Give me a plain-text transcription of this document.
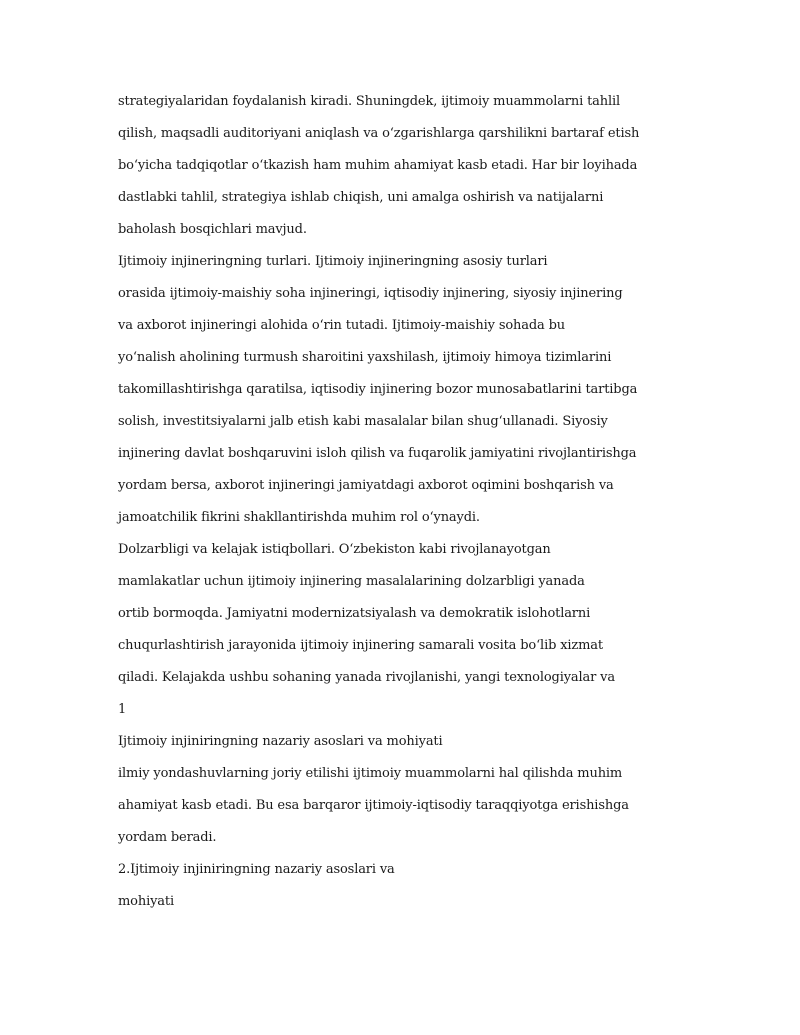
strategiyalaridan foydalanish kiradi. Shuningdek, ijtimoiy muammolarni tahlil

qilish, maqsadli auditoriyani aniqlash va o‘zgarishlarga qarshilikni bartaraf etish

bo‘yicha tadqiqotlar o‘tkazish ham muhim ahamiyat kasb etadi. Har bir loyihada

dastlabki tahlil, strategiya ishlab chiqish, uni amalga oshirish va natijalarni

baholash bosqichlari mavjud.

Ijtimoiy injineringning turlari. Ijtimoiy injineringning asosiy turlari

orasida ijtimoiy-maishiy soha injineringi, iqtisodiy injinering, siyosiy injinering

va axborot injineringi alohida o‘rin tutadi. Ijtimoiy-maishiy sohada bu

yo‘nalish aholining turmush sharoitini yaxshilash, ijtimoiy himoya tizimlarini

takomillashtirishga qaratilsa, iqtisodiy injinering bozor munosabatlarini tartibga

solish, investitsiyalarni jalb etish kabi masalalar bilan shug‘ullanadi. Siyosiy

injinering davlat boshqaruvini isloh qilish va fuqarolik jamiyatini rivojlantirishga

yordam bersa, axborot injineringi jamiyatdagi axborot oqimini boshqarish va

jamoatchilik fikrini shakllantirishda muhim rol o‘ynaydi.

Dolzarbligi va kelajak istiqbollari. O‘zbekiston kabi rivojlanayotgan

mamlakatlar uchun ijtimoiy injinering masalalarining dolzarbligi yanada

ortib bormoqda. Jamiyatni modernizatsiyalash va demokratik islohotlarni

chuqurlashtirish jarayonida ijtimoiy injinering samarali vosita bo‘lib xizmat

qiladi. Kelajakda ushbu sohaning yanada rivojlanishi, yangi texnologiyalar va

1

Ijtimoiy injiniringning nazariy asoslari va mohiyati

ilmiy yondashuvlarning joriy etilishi ijtimoiy muammolarni hal qilishda muhim

ahamiyat kasb etadi. Bu esa barqaror ijtimoiy-iqtisodiy taraqqiyotga erishishga

yordam beradi.

2.Ijtimoiy injiniringning nazariy asoslari va

mohiyati
